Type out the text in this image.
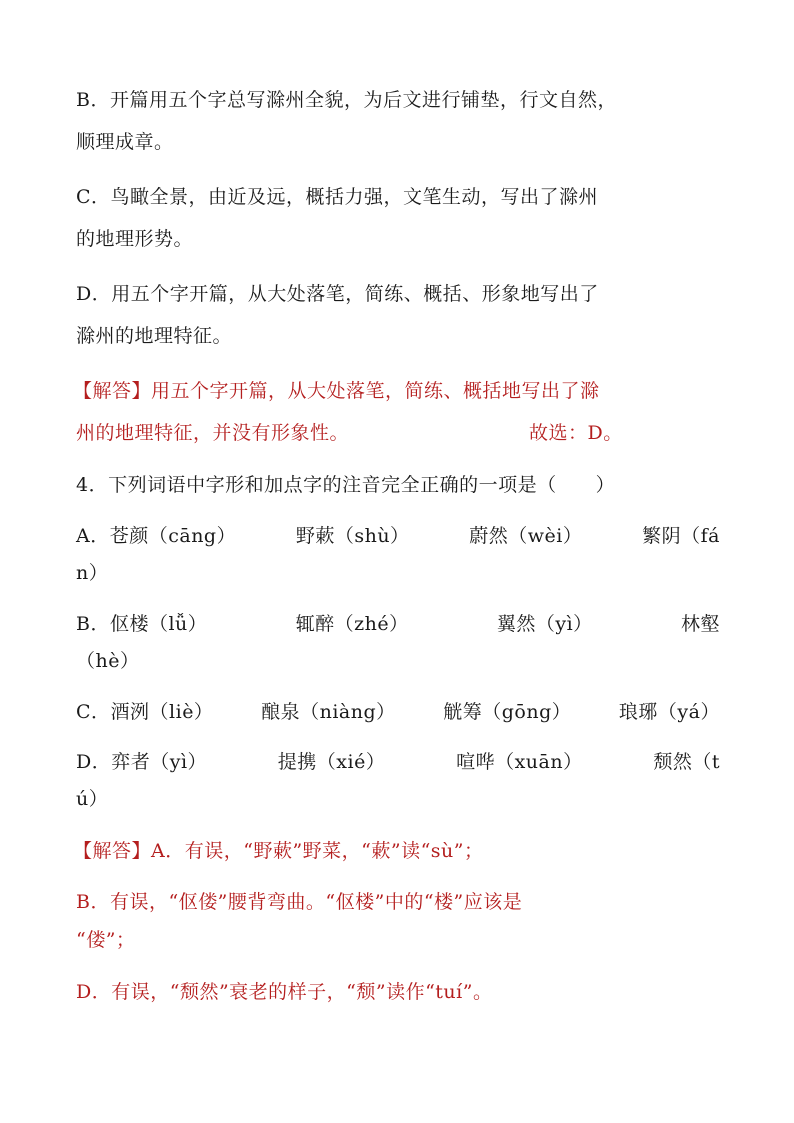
B．开篇用五个字总写滁州全貌，为后文进行铺垫，行文自然，
顺理成章。
C．鸟瞰全景，由近及远，概括力强，文笔生动，写出了滁州
的地理形势。
D．用五个字开篇，从大处落笔，简练、概括、形象地写出了
滁州的地理特征。
【解答】用五个字开篇，从大处落笔，简练、概括地写出了滁
州的地理特征，并没有形象性。	故选：D。
4．下列词语中字形和加点字的注音完全正确的一项是（　　）
A．苍颜（cāng）	野蔌（shù）	蔚然（wèi）	繁阴（fá
n）
B．伛楼（lǚ）	辄醉（zhé）	翼然（yì）	林壑
（hè）
C．酒洌（liè）	酿泉（niàng）	觥筹（gōng）	琅琊（yá）
D．弈者（yì）	提携（xié）	喧哗（xuān）	颓然（t
ú）
【解答】A．有误，“野蔌”野菜，“蔌”读“sù”；
B．有误，“伛偻”腰背弯曲。“伛楼”中的“楼”应该是
“偻”；
D．有误，“颓然”衰老的样子，“颓”读作“tuí”。
